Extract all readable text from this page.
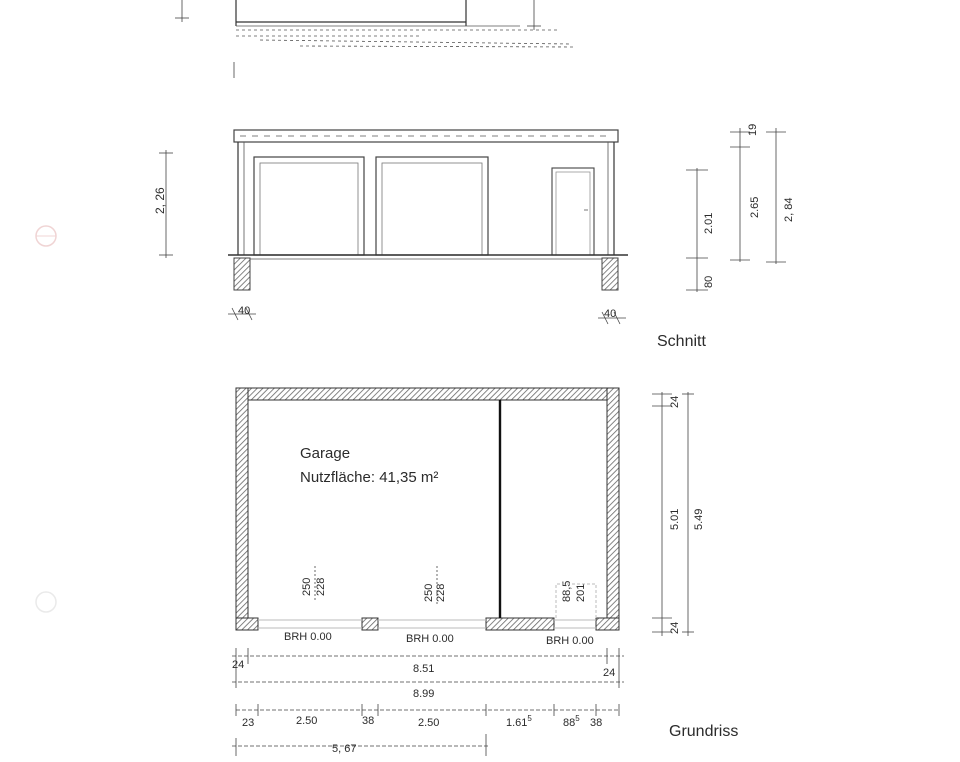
2, 26
40	40
2.01
80
19
2.65 2, 84
Schnitt
Garage
Nutzfläche: 41,35 m²
250 228	250 228	88,5 201
BRH 0.00	BRH 0.00	BRH 0.00
24
5.01
24
5.49
24	8.51	24
8.99
23	2.50	38	2.50	1.61$^5$	$88^5$ 38
5, 67
Grundriss
